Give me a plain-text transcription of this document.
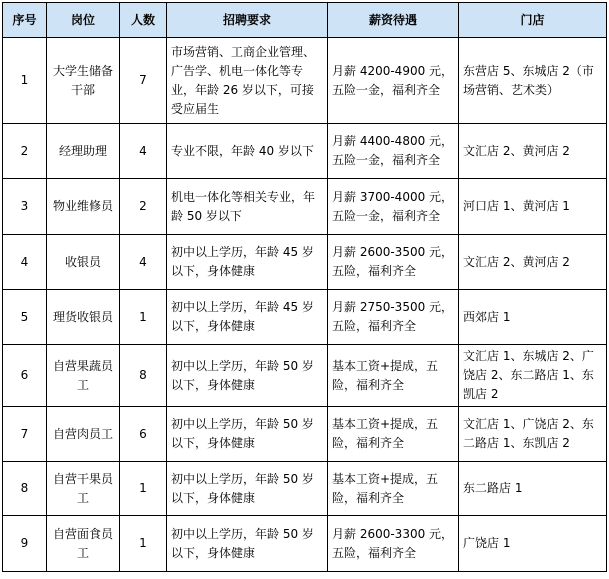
序号	岗位	人数	招聘要求	薪资待遇	门店
1	大学生储备干部	7	市场营销、工商企业管理、广告学、机电一体化等专业，年龄 26 岁以下，可接受应届生	月薪 4200-4900 元，五险一金，福利齐全	东营店 5、东城店 2（市场营销、艺术类）
2	经理助理	4	专业不限，年龄 40 岁以下	月薪 4400-4800 元，五险一金，福利齐全	文汇店 2、黄河店 2
3	物业维修员	2	机电一体化等相关专业，年龄 50 岁以下	月薪 3700-4000 元，五险一金，福利齐全	河口店 1、黄河店 1
4	收银员	4	初中以上学历，年龄 45 岁以下，身体健康	月薪 2600-3500 元，五险，福利齐全	文汇店 2、黄河店 2
5	理货收银员	1	初中以上学历，年龄 45 岁以下，身体健康	月薪 2750-3500 元，五险，福利齐全	西郊店 1
6	自营果蔬员工	8	初中以上学历，年龄 50 岁以下，身体健康	基本工资+提成，五险，福利齐全	文汇店 1、东城店 2、广饶店 2、东二路店 1、东凯店 2
7	自营肉员工	6	初中以上学历，年龄 50 岁以下，身体健康	基本工资+提成，五险，福利齐全	文汇店 1、广饶店 2、东二路店 1、东凯店 2
8	自营干果员工	1	初中以上学历，年龄 50 岁以下，身体健康	基本工资+提成，五险，福利齐全	东二路店 1
9	自营面食员工	1	初中以上学历，年龄 50 岁以下，身体健康	月薪 2600-3300 元，五险，福利齐全	广饶店 1
